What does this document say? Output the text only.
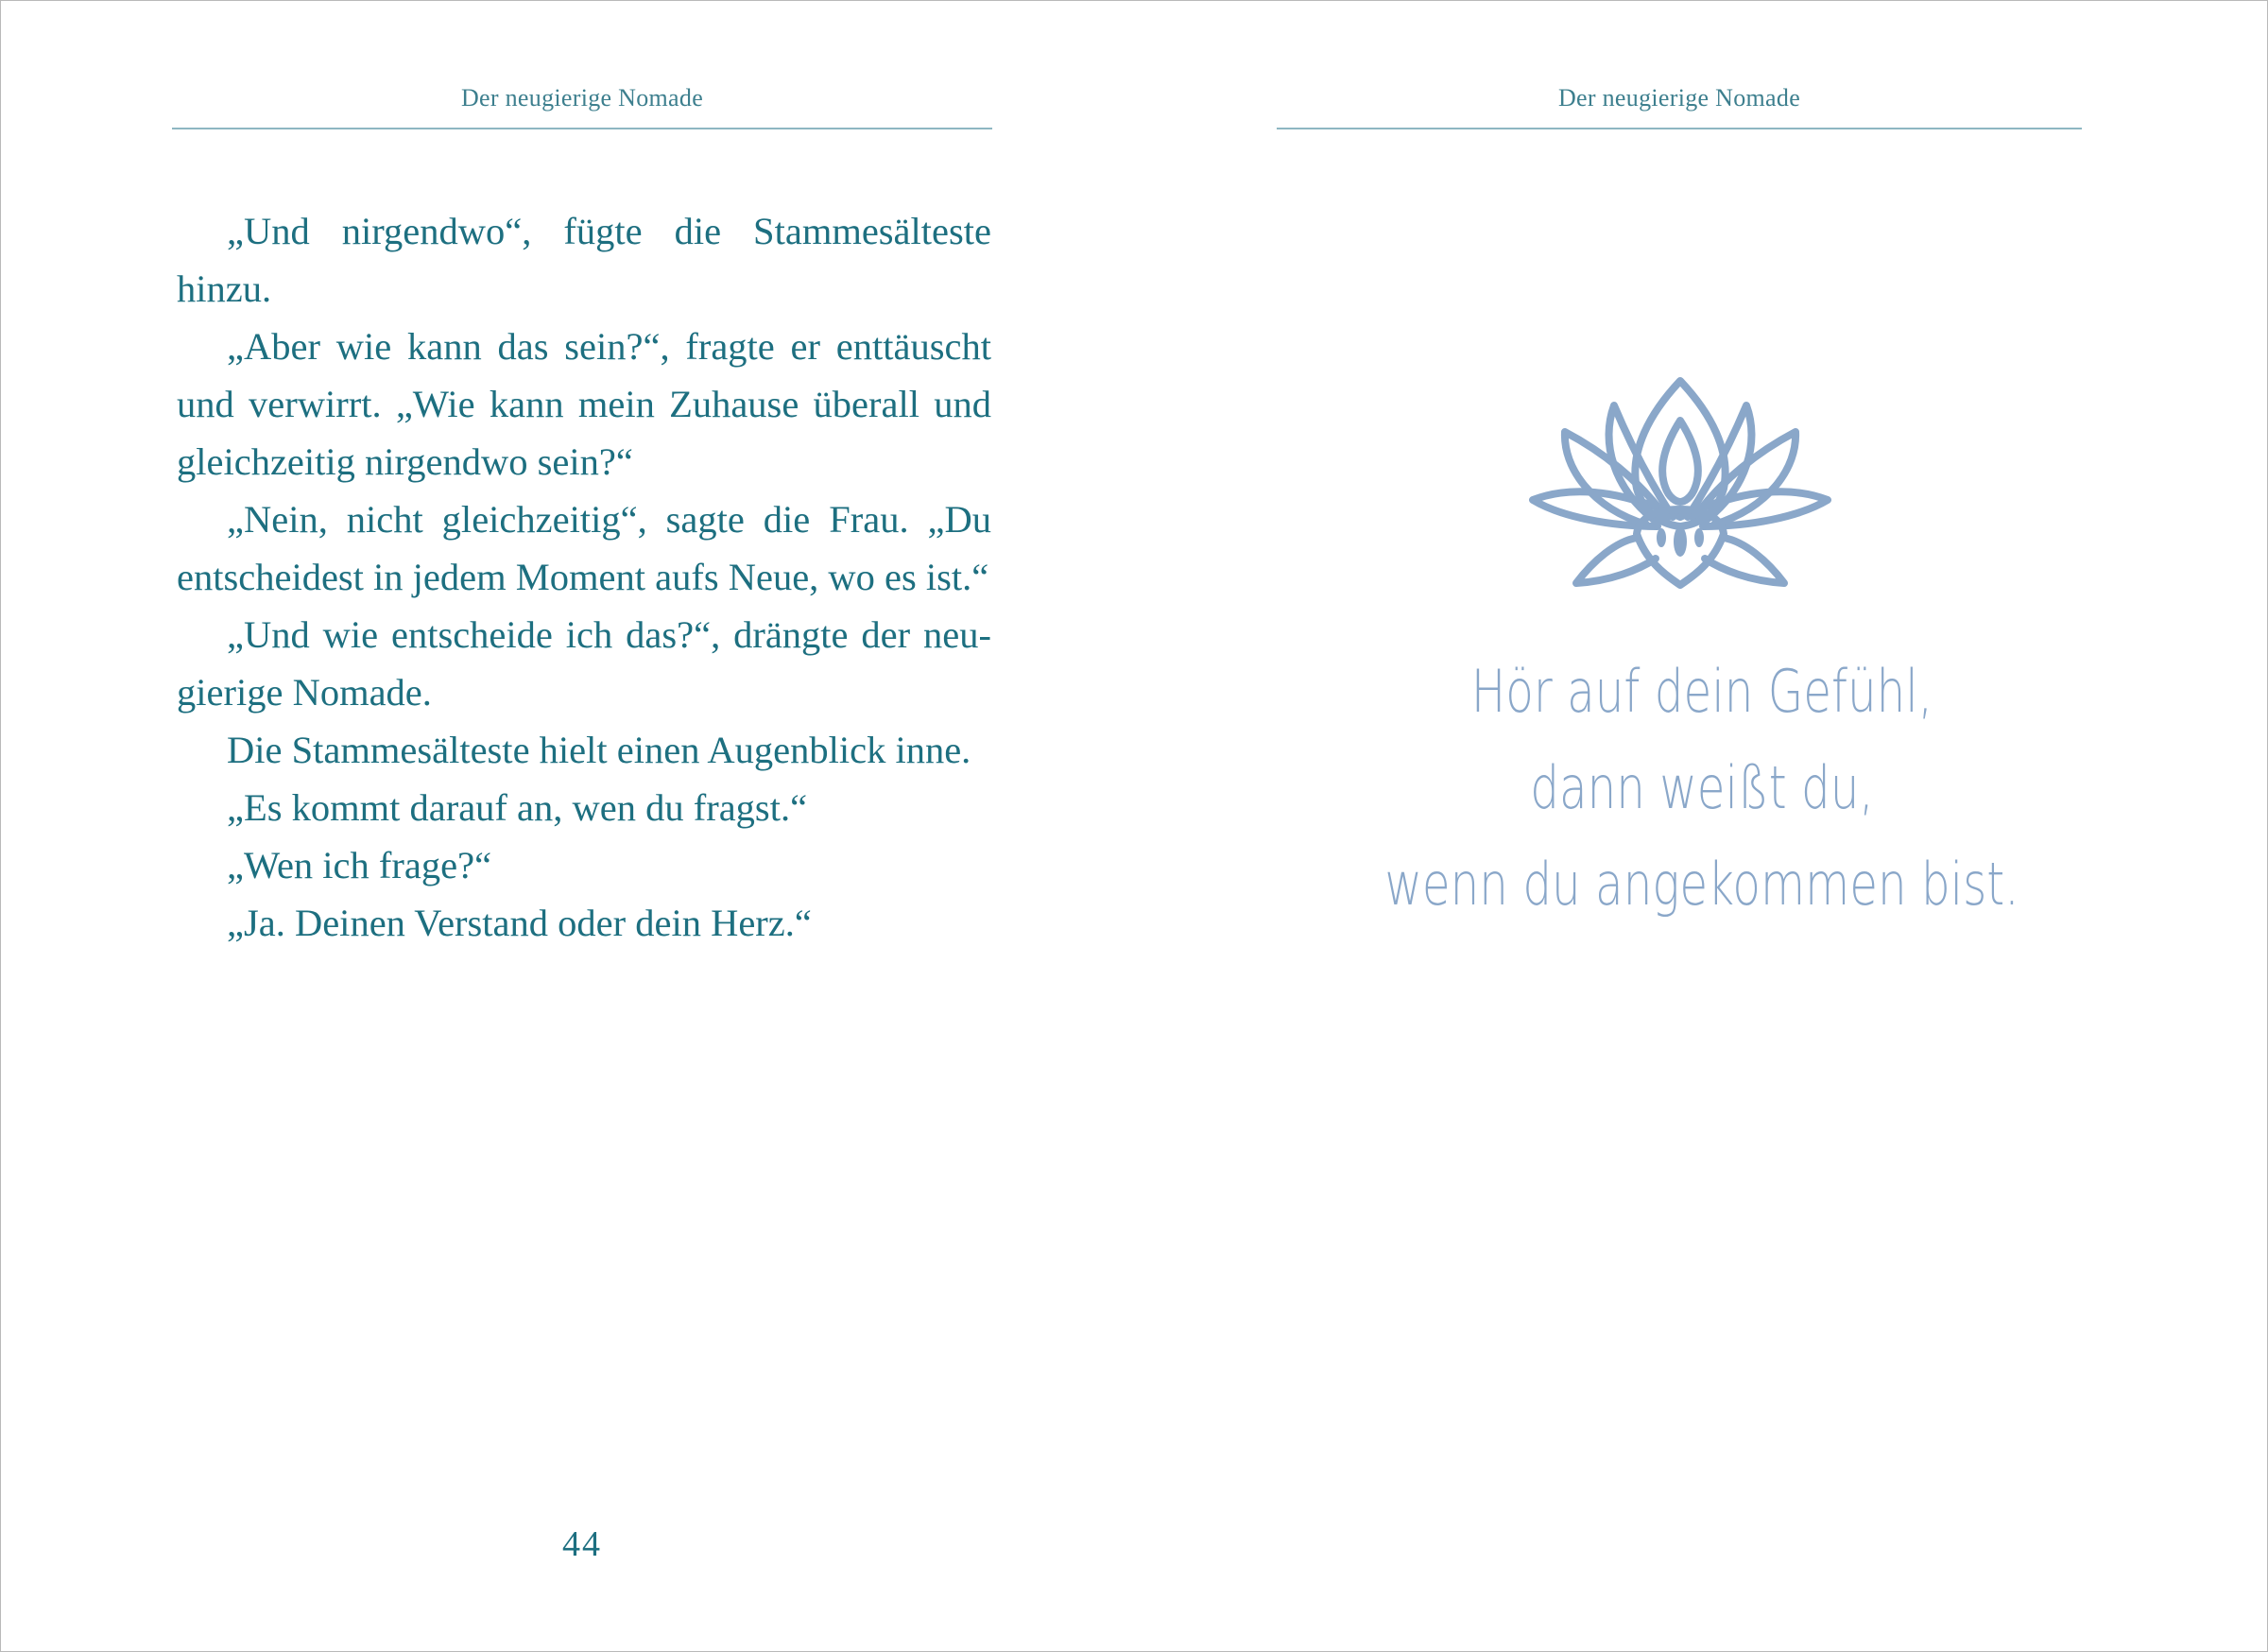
Der neugierige Nomade

„Und nirgendwo“, fügte die Stammesälteste hinzu.

„Aber wie kann das sein?“, fragte er enttäuscht und verwirrt. „Wie kann mein Zuhause überall und gleichzeitig nirgendwo sein?“

„Nein, nicht gleichzeitig“, sagte die Frau. „Du entscheidest in jedem Moment aufs Neue, wo es ist.“

„Und wie entscheide ich das?“, drängte der neugierige Nomade.

Die Stammesälteste hielt einen Augenblick inne.

„Es kommt darauf an, wen du fragst.“

„Wen ich frage?“

„Ja. Deinen Verstand oder dein Herz.“

44
Der neugierige Nomade
Hör auf dein Gefühl,
dann weißt du,
wenn du angekommen bist.
